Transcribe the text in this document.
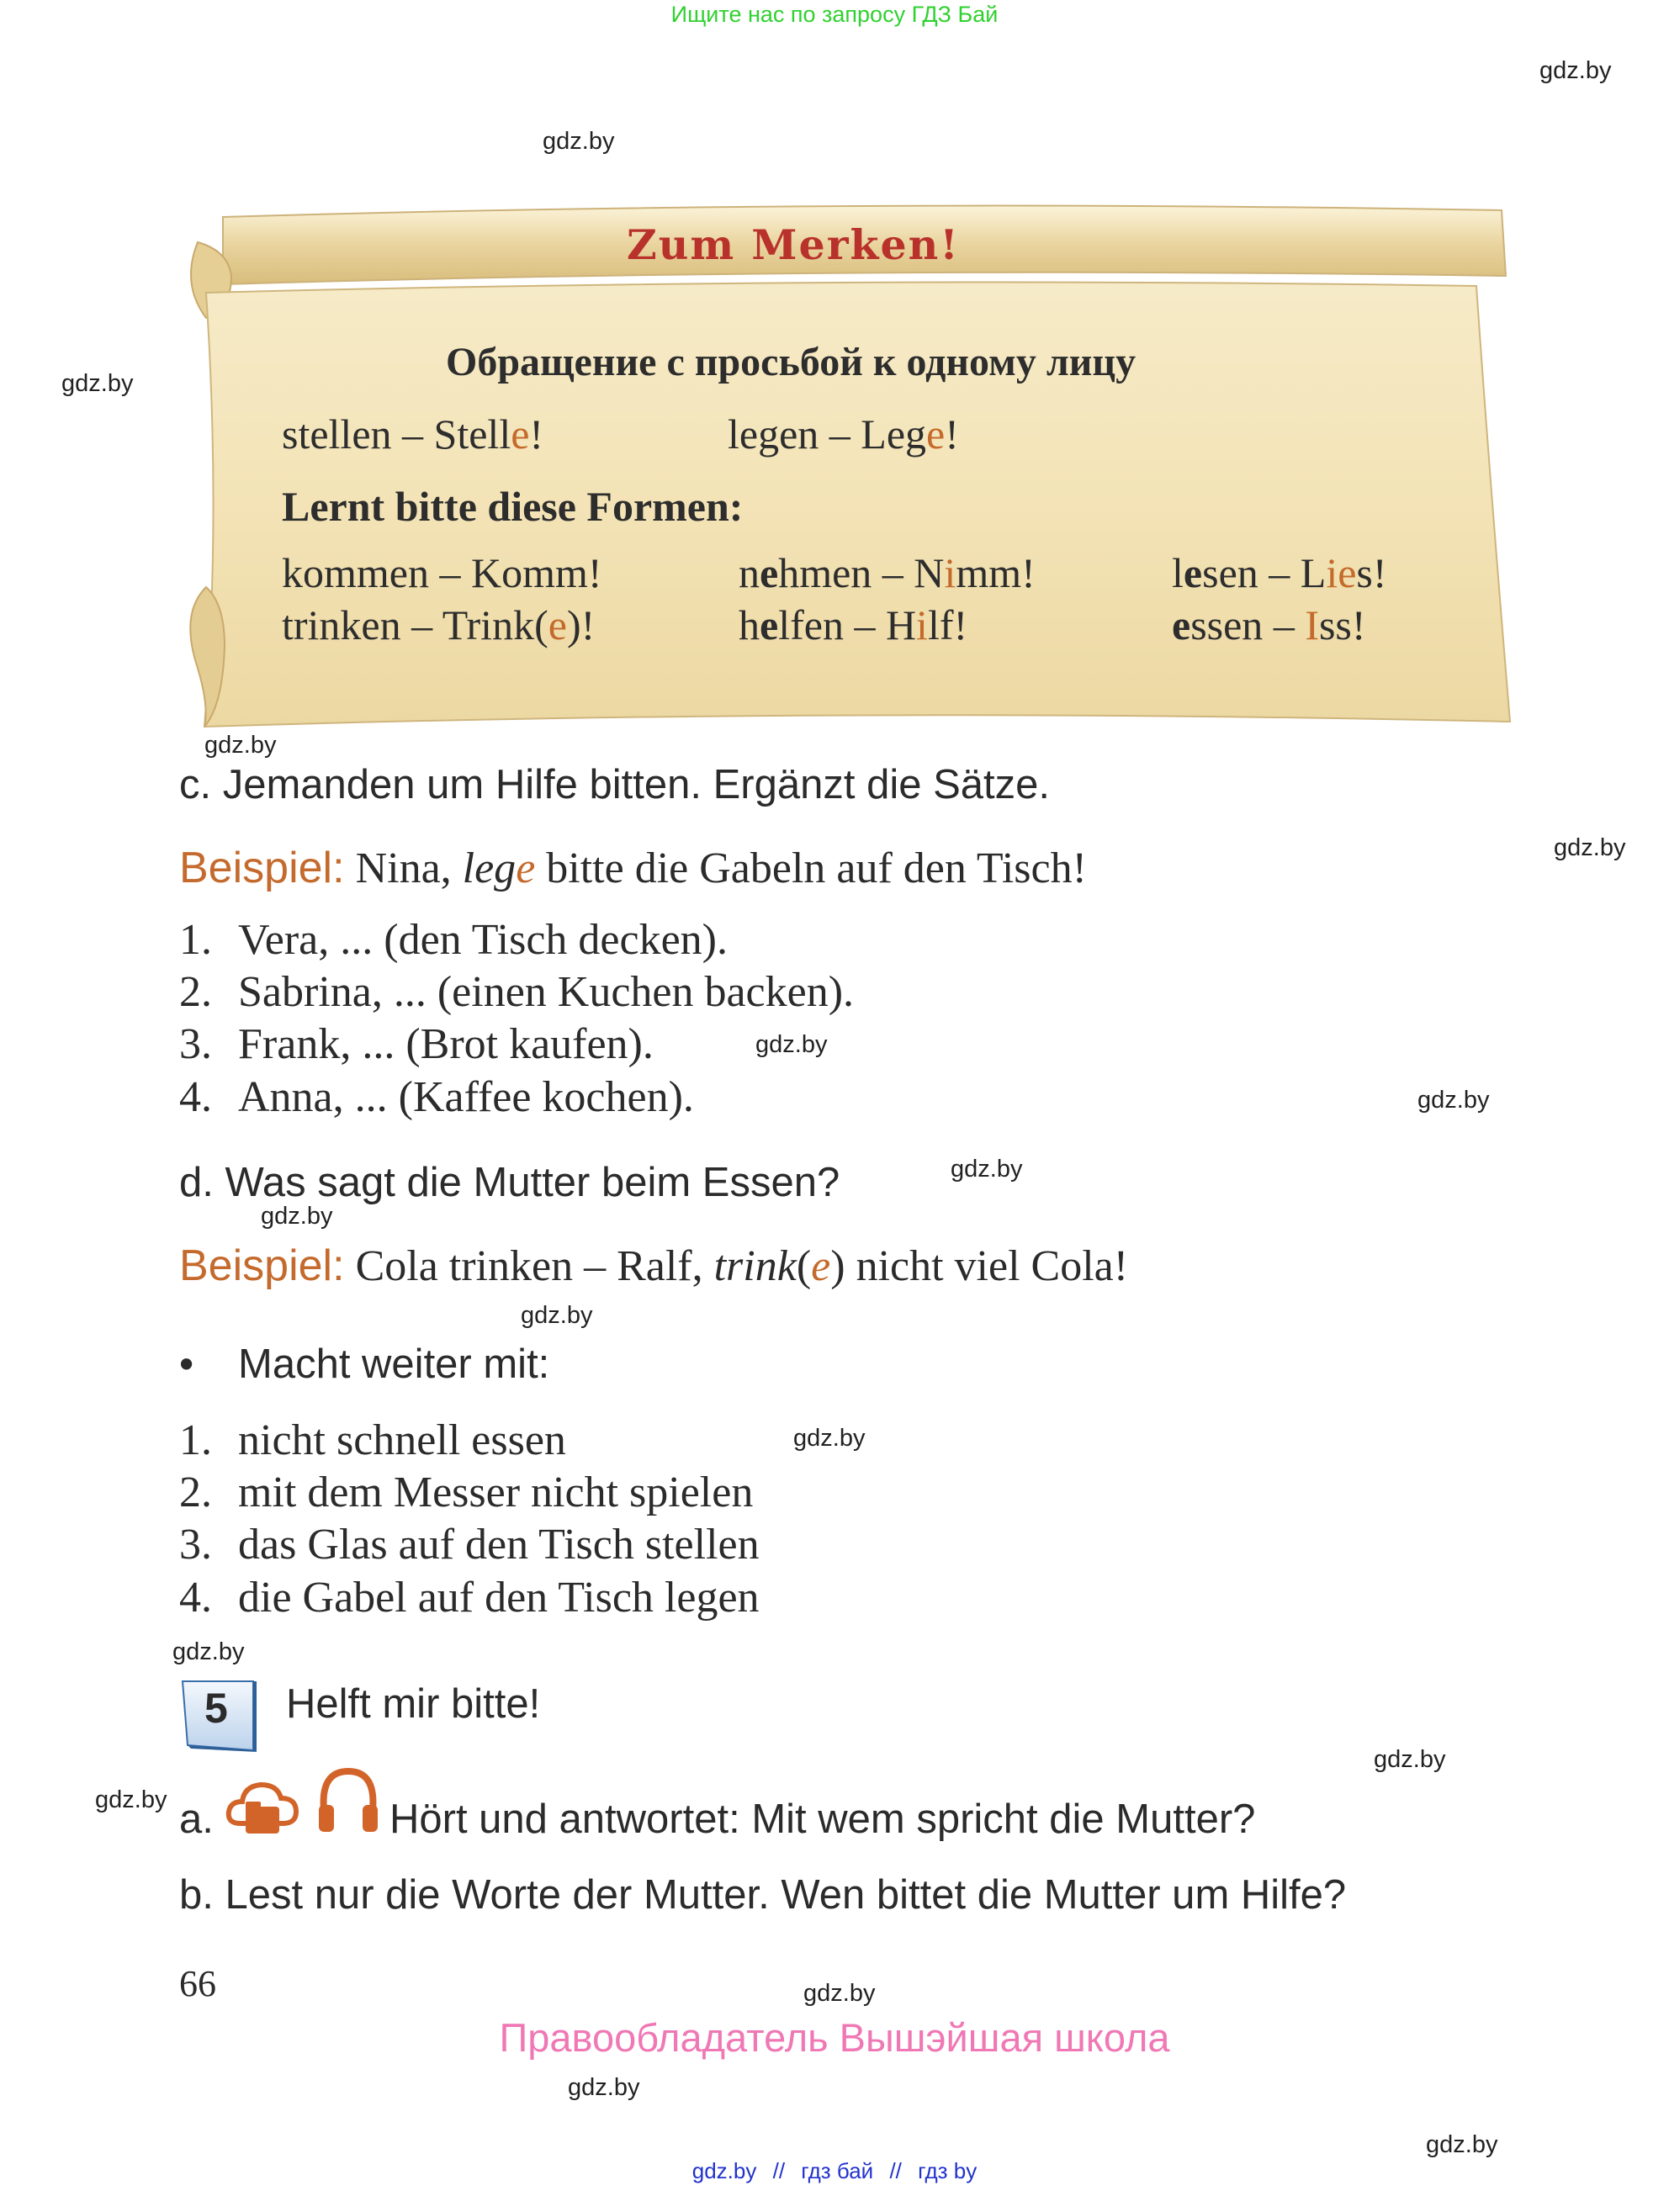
Ищите нас по запросу ГДЗ Бай
gdz.by
gdz.by
gdz.by
gdz.by
gdz.by
gdz.by
gdz.by
gdz.by
gdz.by
gdz.by
gdz.by
gdz.by
gdz.by
gdz.by
gdz.by
gdz.by
gdz.by
Zum Merken!
Обращение с просьбой к одному лицу
stellen – Stelle!	legen – Lege!
Lernt bitte diese Formen:
kommen – Komm!	nehmen – Nimm!	lesen – Lies!
trinken – Trink(e)!	helfen – Hilf!	essen – Iss!
c. Jemanden um Hilfe bitten. Ergänzt die Sätze.
Beispiel: Nina, lege bitte die Gabeln auf den Tisch!
1. Vera, ... (den Tisch decken).
2. Sabrina, ... (einen Kuchen backen).
3. Frank, ... (Brot kaufen).
4. Anna, ... (Kaffee kochen).
d. Was sagt die Mutter beim Essen?
Beispiel: Cola trinken – Ralf, trink(e) nicht viel Cola!
• Macht weiter mit:
1. nicht schnell essen
2. mit dem Messer nicht spielen
3. das Glas auf den Tisch stellen
4. die Gabel auf den Tisch legen
5 Helft mir bitte!
a.	Hört und antwortet: Mit wem spricht die Mutter?
b. Lest nur die Worte der Mutter. Wen bittet die Mutter um Hilfe?
66
Правообладатель Вышэйшая школа
gdz.by // гдз бай // гдз by
